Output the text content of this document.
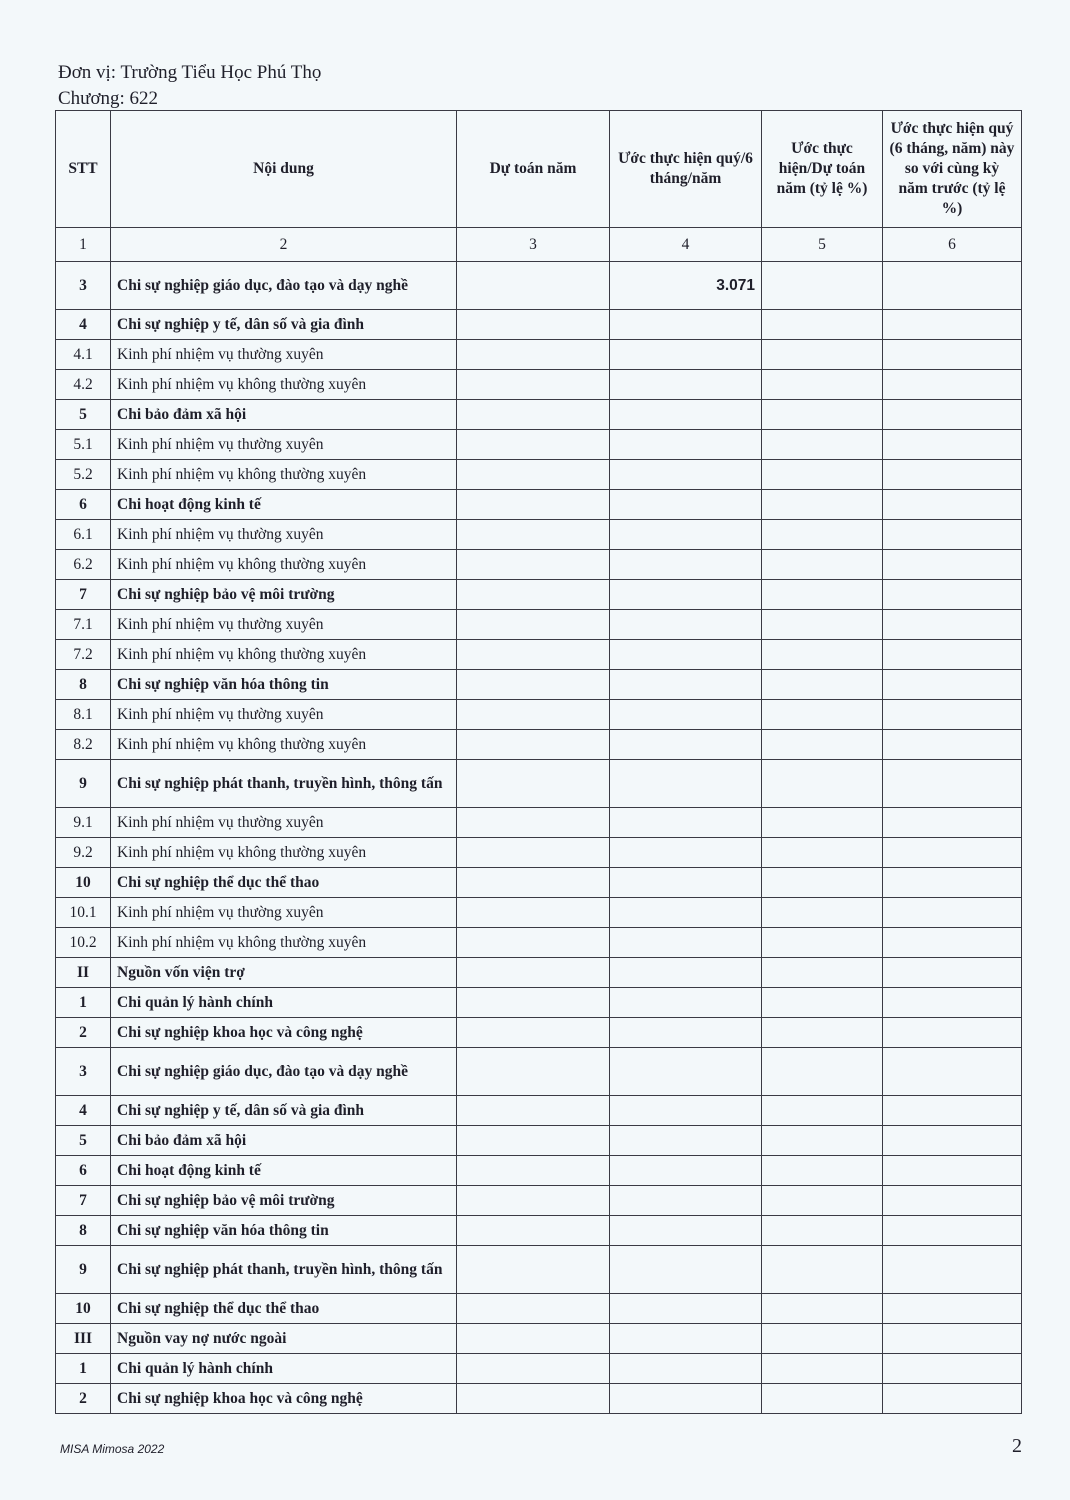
Đơn vị: Trường Tiểu Học Phú Thọ
Chương: 622
STT	Nội dung	Dự toán năm	Ước thực hiện quý/6 tháng/năm	Ước thực hiện/Dự toán năm (tỷ lệ %)	Ước thực hiện quý (6 tháng, năm) này so với cùng kỳ năm trước (tỷ lệ %)
1	2	3	4	5	6
3	Chi sự nghiệp giáo dục, đào tạo và dạy nghề		3.071		
4	Chi sự nghiệp y tế, dân số và gia đình				
4.1	Kinh phí nhiệm vụ thường xuyên				
4.2	Kinh phí nhiệm vụ không thường xuyên				
5	Chi bảo đảm xã hội				
5.1	Kinh phí nhiệm vụ thường xuyên				
5.2	Kinh phí nhiệm vụ không thường xuyên				
6	Chi hoạt động kinh tế				
6.1	Kinh phí nhiệm vụ thường xuyên				
6.2	Kinh phí nhiệm vụ không thường xuyên				
7	Chi sự nghiệp bảo vệ môi trường				
7.1	Kinh phí nhiệm vụ thường xuyên				
7.2	Kinh phí nhiệm vụ không thường xuyên				
8	Chi sự nghiệp văn hóa thông tin				
8.1	Kinh phí nhiệm vụ thường xuyên				
8.2	Kinh phí nhiệm vụ không thường xuyên				
9	Chi sự nghiệp phát thanh, truyền hình, thông tấn				
9.1	Kinh phí nhiệm vụ thường xuyên				
9.2	Kinh phí nhiệm vụ không thường xuyên				
10	Chi sự nghiệp thể dục thể thao				
10.1	Kinh phí nhiệm vụ thường xuyên				
10.2	Kinh phí nhiệm vụ không thường xuyên				
II	Nguồn vốn viện trợ				
1	Chi quản lý hành chính				
2	Chi sự nghiệp khoa học và công nghệ				
3	Chi sự nghiệp giáo dục, đào tạo và dạy nghề				
4	Chi sự nghiệp y tế, dân số và gia đình				
5	Chi bảo đảm xã hội				
6	Chi hoạt động kinh tế				
7	Chi sự nghiệp bảo vệ môi trường				
8	Chi sự nghiệp văn hóa thông tin				
9	Chi sự nghiệp phát thanh, truyền hình, thông tấn				
10	Chi sự nghiệp thể dục thể thao				
III	Nguồn vay nợ nước ngoài				
1	Chi quản lý hành chính				
2	Chi sự nghiệp khoa học và công nghệ				
MISA Mimosa 2022	2
